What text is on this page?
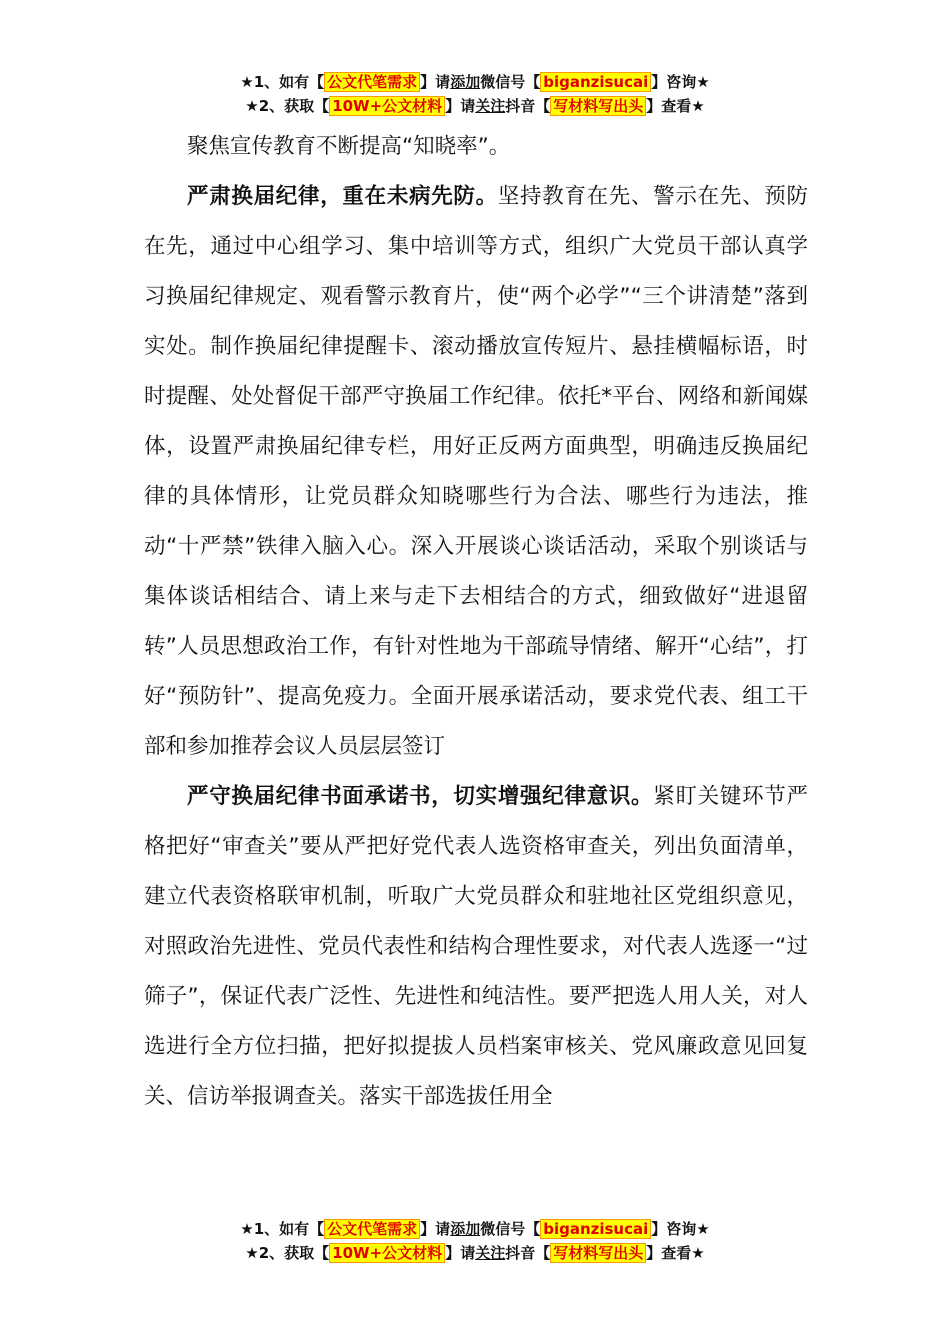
★1、如有【 公文代笔需求 】请添加微信号【 biganzisucai 】咨询★
★2、获取【 10W+公文材料 】请关注抖音【 写材料写出头 】查看★

聚焦宣传教育不断提高“知晓率”。

严肃换届纪律，重在未病先防。坚持教育在先、警示在先、预防在先，通过中心组学习、集中培训等方式，组织广大党员干部认真学习换届纪律规定、观看警示教育片，使“两个必学”“三个讲清楚”落到实处。制作换届纪律提醒卡、滚动播放宣传短片、悬挂横幅标语，时时提醒、处处督促干部严守换届工作纪律。依托*平台、网络和新闻媒体，设置严肃换届纪律专栏，用好正反两方面典型，明确违反换届纪律的具体情形，让党员群众知晓哪些行为合法、哪些行为违法，推动“十严禁”铁律入脑入心。深入开展谈心谈话活动，采取个别谈话与集体谈话相结合、请上来与走下去相结合的方式，细致做好“进退留转”人员思想政治工作，有针对性地为干部疏导情绪、解开“心结”，打好“预防针”、提高免疫力。全面开展承诺活动，要求党代表、组工干部和参加推荐会议人员层层签订

严守换届纪律书面承诺书，切实增强纪律意识。紧盯关键环节严格把好“审查关”要从严把好党代表人选资格审查关，列出负面清单，建立代表资格联审机制，听取广大党员群众和驻地社区党组织意见，对照政治先进性、党员代表性和结构合理性要求，对代表人选逐一“过筛子”，保证代表广泛性、先进性和纯洁性。要严把选人用人关，对人选进行全方位扫描，把好拟提拔人员档案审核关、党风廉政意见回复关、信访举报调查关。落实干部选拔任用全

★1、如有【 公文代笔需求 】请添加微信号【 biganzisucai 】咨询★
★2、获取【 10W+公文材料 】请关注抖音【 写材料写出头 】查看★
